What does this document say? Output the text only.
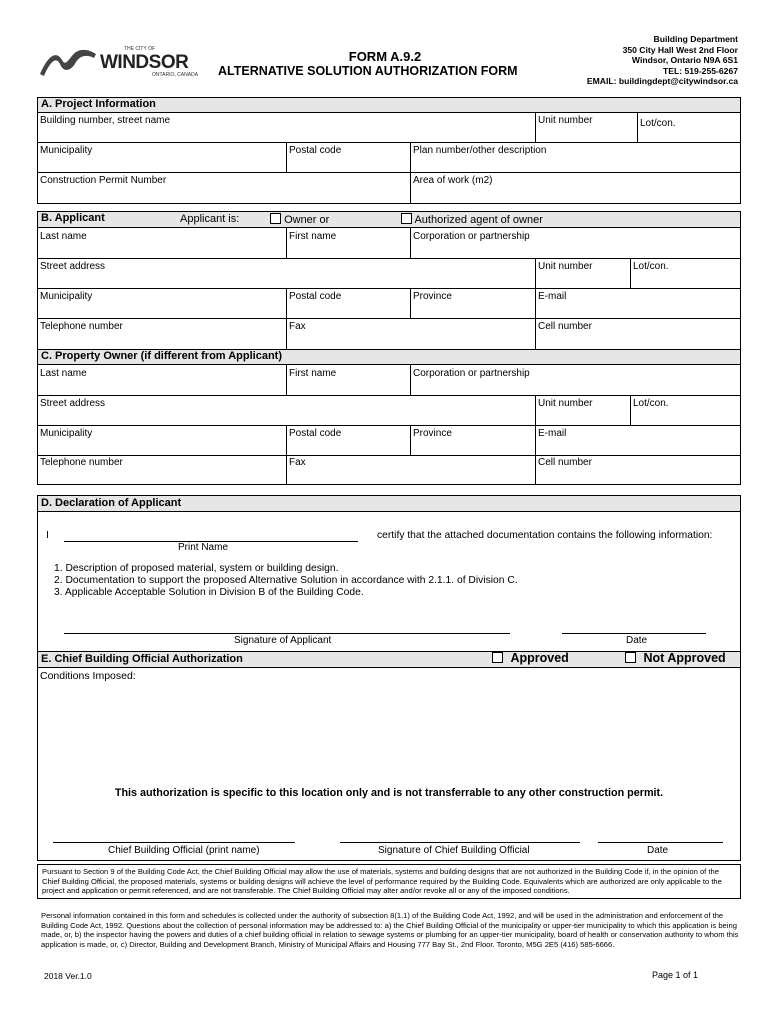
THE CITY OF
WINDSOR
ONTARIO, CANADA
FORM A.9.2
ALTERNATIVE SOLUTION AUTHORIZATION FORM
Building Department
350 City Hall West 2nd Floor
Windsor, Ontario N9A 6S1
TEL: 519-255-6267
EMAIL: buildingdept@citywindsor.ca
A. Project Information
Building number, street name	Unit number	Lot/con.
Municipality	Postal code	Plan number/other description
Construction Permit Number	Area of work (m2)
B. Applicant	Applicant is:	Owner or	Authorized agent of owner
Last name	First name	Corporation or partnership
Street address	Unit number	Lot/con.
Municipality	Postal code	Province	E-mail
Telephone number	Fax	Cell number
C. Property Owner (if different from Applicant)
Last name	First name	Corporation or partnership
Street address	Unit number	Lot/con.
Municipality	Postal code	Province	E-mail
Telephone number	Fax	Cell number
D. Declaration of Applicant
I	certify that the attached documentation contains the following information:
Print Name
1. Description of proposed material, system or building design.
2. Documentation to support the proposed Alternative Solution in accordance with 2.1.1. of Division C.
3. Applicable Acceptable Solution in Division B of the Building Code.
Signature of Applicant	Date
E. Chief Building Official Authorization	Approved	Not Approved
Conditions Imposed:
This authorization is specific to this location only and is not transferrable to any other construction permit.
Chief Building Official (print name)	Signature of Chief Building Official	Date
Pursuant to Section 9 of the Building Code Act, the Chief Building Official may allow the use of materials, systems and building designs that are not authorized in the Building Code if, in the opinion of the Chief Building Official, the proposed materials, systems or building designs will achieve the level of performance required by the Building Code. Equivalents which are authorized are only applicable to the project and application or permit referenced, and are not transferable. The Chief Building Official may alter and/or revoke all or any of the imposed conditions.
Personal information contained in this form and schedules is collected under the authority of subsection 8(1.1) of the Building Code Act, 1992, and will be used in the administration and enforcement of the Building Code Act, 1992. Questions about the collection of personal information may be addressed to: a) the Chief Building Official of the municipality or upper-tier municipality to which this application is being made, or, b) the inspector having the powers and duties of a chief building official in relation to sewage systems or plumbing for an upper-tier municipality, board of health or conservation authority to whom this application is made, or, c) Director, Building and Development Branch, Ministry of Municipal Affairs and Housing 777 Bay St., 2nd Floor. Toronto, M5G 2E5 (416) 585-6666.
2018 Ver.1.0	Page 1 of 1
